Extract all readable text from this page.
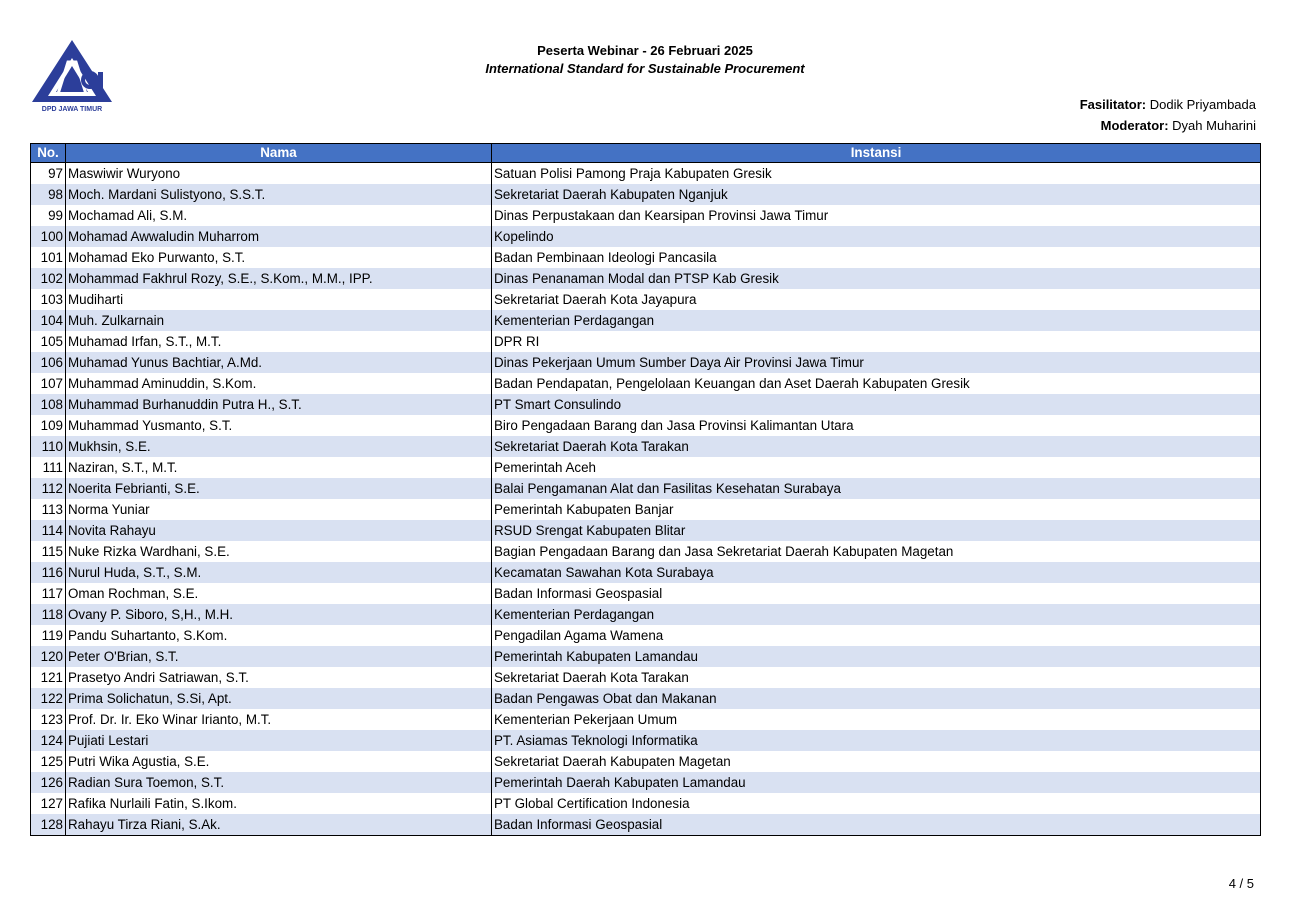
DPD JAWA TIMUR
Peserta Webinar - 26 Februari 2025
International Standard for Sustainable Procurement
Fasilitator: Dodik Priyambada
Moderator: Dyah Muharini
No.	Nama	Instansi
97	Maswiwir Wuryono	Satuan Polisi Pamong Praja Kabupaten Gresik
98	Moch. Mardani Sulistyono, S.S.T.	Sekretariat Daerah Kabupaten Nganjuk
99	Mochamad Ali, S.M.	Dinas Perpustakaan dan Kearsipan Provinsi Jawa Timur
100	Mohamad Awwaludin Muharrom	Kopelindo
101	Mohamad Eko Purwanto, S.T.	Badan Pembinaan Ideologi Pancasila
102	Mohammad Fakhrul Rozy, S.E., S.Kom., M.M., IPP.	Dinas Penanaman Modal dan PTSP Kab Gresik
103	Mudiharti	Sekretariat Daerah Kota Jayapura
104	Muh. Zulkarnain	Kementerian Perdagangan
105	Muhamad Irfan, S.T., M.T.	DPR RI
106	Muhamad Yunus Bachtiar, A.Md.	Dinas Pekerjaan Umum Sumber Daya Air Provinsi Jawa Timur
107	Muhammad Aminuddin, S.Kom.	Badan Pendapatan, Pengelolaan Keuangan dan Aset Daerah Kabupaten Gresik
108	Muhammad Burhanuddin Putra H., S.T.	PT Smart Consulindo
109	Muhammad Yusmanto, S.T.	Biro Pengadaan Barang dan Jasa Provinsi Kalimantan Utara
110	Mukhsin, S.E.	Sekretariat Daerah Kota Tarakan
111	Naziran, S.T., M.T.	Pemerintah Aceh
112	Noerita Febrianti, S.E.	Balai Pengamanan Alat dan Fasilitas Kesehatan Surabaya
113	Norma Yuniar	Pemerintah Kabupaten Banjar
114	Novita Rahayu	RSUD Srengat Kabupaten Blitar
115	Nuke Rizka Wardhani, S.E.	Bagian Pengadaan Barang dan Jasa Sekretariat Daerah Kabupaten Magetan
116	Nurul Huda, S.T., S.M.	Kecamatan Sawahan Kota Surabaya
117	Oman Rochman, S.E.	Badan Informasi Geospasial
118	Ovany P. Siboro, S,H., M.H.	Kementerian Perdagangan
119	Pandu Suhartanto, S.Kom.	Pengadilan Agama Wamena
120	Peter O'Brian, S.T.	Pemerintah Kabupaten Lamandau
121	Prasetyo Andri Satriawan, S.T.	Sekretariat Daerah Kota Tarakan
122	Prima Solichatun, S.Si, Apt.	Badan Pengawas Obat dan Makanan
123	Prof. Dr. Ir. Eko Winar Irianto, M.T.	Kementerian Pekerjaan Umum
124	Pujiati Lestari	PT. Asiamas Teknologi Informatika
125	Putri Wika Agustia, S.E.	Sekretariat Daerah Kabupaten Magetan
126	Radian Sura Toemon, S.T.	Pemerintah Daerah Kabupaten Lamandau
127	Rafika Nurlaili Fatin, S.Ikom.	PT Global Certification Indonesia
128	Rahayu Tirza Riani, S.Ak.	Badan Informasi Geospasial
4 / 5
